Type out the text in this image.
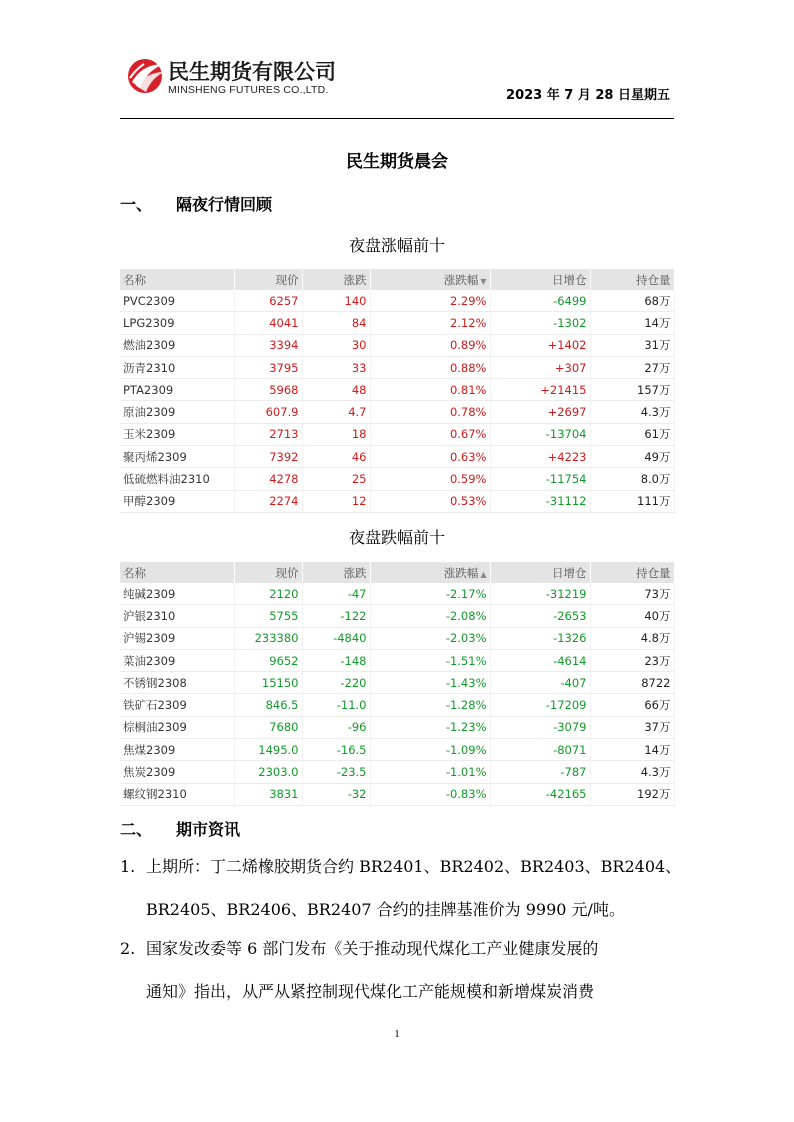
民生期货有限公司
MINSHENG FUTURES CO.,LTD.	2023 年 7 月 28 日星期五
民生期货晨会
一、 隔夜行情回顾
夜盘涨幅前十
名称	现价	涨跌	涨跌幅 ▼	日增仓	持仓量
PVC2309	6257	140	2.29%	-6499	68万
LPG2309	4041	84	2.12%	-1302	14万
燃油2309	3394	30	0.89%	+1402	31万
沥青2310	3795	33	0.88%	+307	27万
PTA2309	5968	48	0.81%	+21415	157万
原油2309	607.9	4.7	0.78%	+2697	4.3万
玉米2309	2713	18	0.67%	-13704	61万
聚丙烯2309	7392	46	0.63%	+4223	49万
低硫燃料油2310	4278	25	0.59%	-11754	8.0万
甲醇2309	2274	12	0.53%	-31112	111万
夜盘跌幅前十
名称	现价	涨跌	涨跌幅 ▲	日增仓	持仓量
纯碱2309	2120	-47	-2.17%	-31219	73万
沪银2310	5755	-122	-2.08%	-2653	40万
沪锡2309	233380	-4840	-2.03%	-1326	4.8万
菜油2309	9652	-148	-1.51%	-4614	23万
不锈钢2308	15150	-220	-1.43%	-407	8722
铁矿石2309	846.5	-11.0	-1.28%	-17209	66万
棕榈油2309	7680	-96	-1.23%	-3079	37万
焦煤2309	1495.0	-16.5	-1.09%	-8071	14万
焦炭2309	2303.0	-23.5	-1.01%	-787	4.3万
螺纹钢2310	3831	-32	-0.83%	-42165	192万
二、 期市资讯
1. 上期所：丁二烯橡胶期货合约 BR2401、BR2402、BR2403、BR2404、
BR2405、BR2406、BR2407 合约的挂牌基准价为 9990 元/吨。
2. 国家发改委等 6 部门发布《关于推动现代煤化工产业健康发展的
通知》指出，从严从紧控制现代煤化工产能规模和新增煤炭消费
1
